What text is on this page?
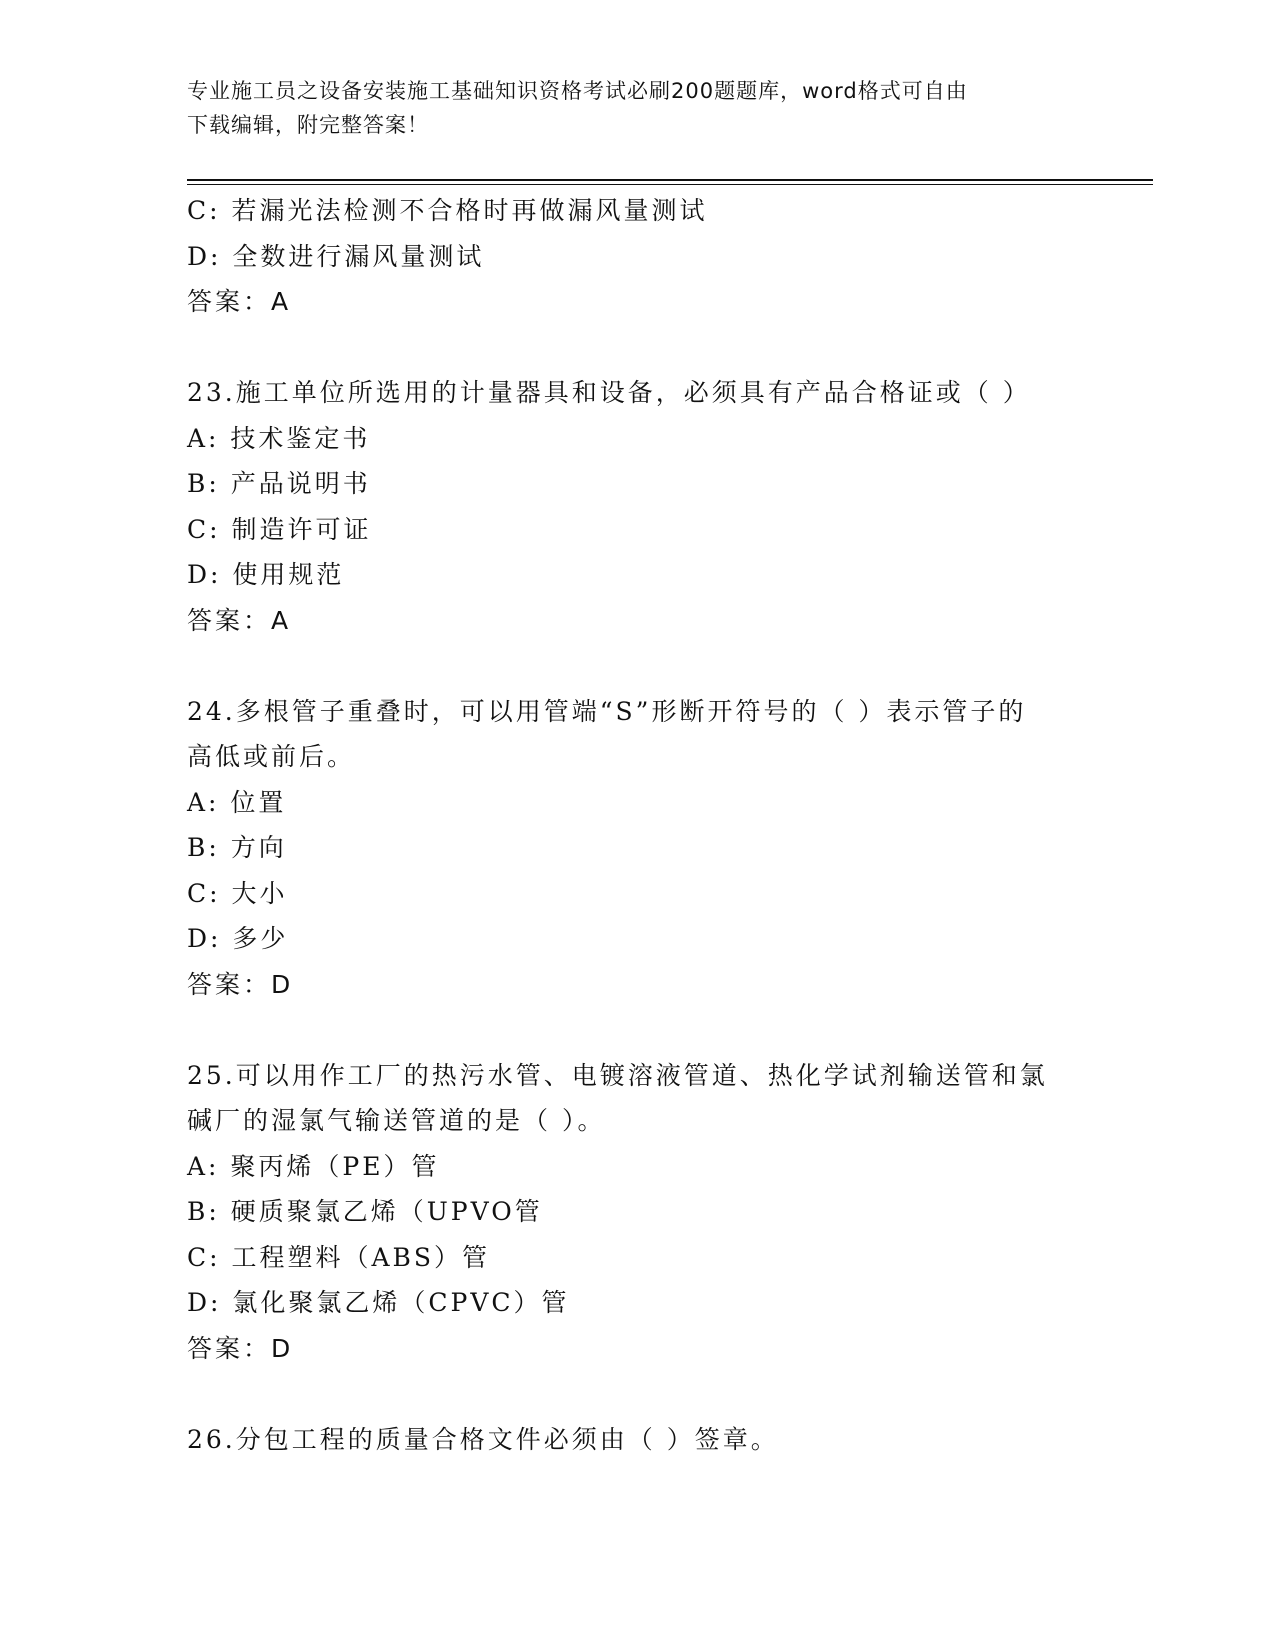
专业施工员之设备安装施工基础知识资格考试必刷200题题库，word格式可自由
下载编辑，附完整答案！
C: 若漏光法检测不合格时再做漏风量测试
D: 全数进行漏风量测试
答案：A
23.施工单位所选用的计量器具和设备，必须具有产品合格证或（ ）
A: 技术鉴定书
B: 产品说明书
C: 制造许可证
D: 使用规范
答案：A
24.多根管子重叠时，可以用管端“S”形断开符号的（ ）表示管子的
高低或前后。
A: 位置
B: 方向
C: 大小
D: 多少
答案：D
25.可以用作工厂的热污水管、电镀溶液管道、热化学试剂输送管和氯
碱厂的湿氯气输送管道的是（ ）。
A: 聚丙烯（PE）管
B: 硬质聚氯乙烯（UPVO管
C: 工程塑料（ABS）管
D: 氯化聚氯乙烯（CPVC）管
答案：D
26.分包工程的质量合格文件必须由（ ）签章。
